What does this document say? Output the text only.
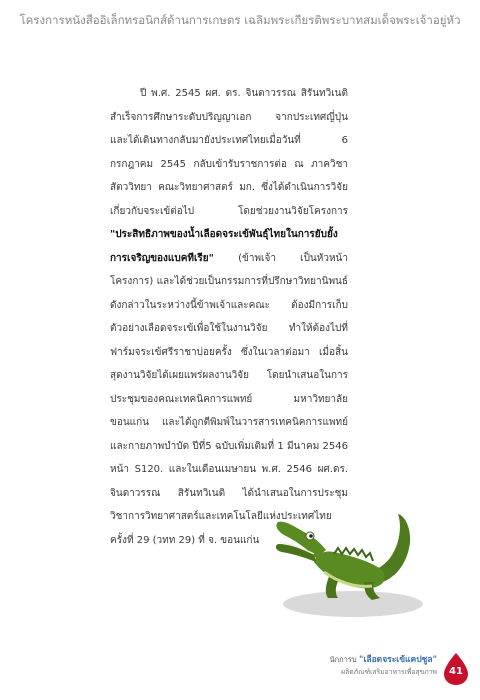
โครงการหนังสืออิเล็กทรอนิกส์ด้านการเกษตร เฉลิมพระเกียรติพระบาทสมเด็จพระเจ้าอยู่หัว

ปี พ.ศ. 2545 ผศ. ดร. จินดาวรรณ สิรันทวิเนติ สำเร็จการศึกษาระดับปริญญาเอก จากประเทศญี่ปุ่น และได้เดินทางกลับมายังประเทศไทยเมื่อวันที่ 6 กรกฎาคม 2545 กลับเข้ารับราชการต่อ ณ ภาควิชาสัตววิทยา คณะวิทยาศาสตร์ มก. ซึ่งได้ดำเนินการวิจัยเกี่ยวกับจระเข้ต่อไป โดยช่วยงานวิจัยโครงการ "ประสิทธิภาพของน้ำเลือดจระเข้พันธุ์ไทยในการยับยั้งการเจริญของแบคทีเรีย" (ข้าพเจ้า เป็นหัวหน้าโครงการ) และได้ช่วยเป็นกรรมการที่ปรึกษาวิทยานิพนธ์ดังกล่าวในระหว่างนี้ข้าพเจ้าและคณะ ต้องมีการเก็บตัวอย่างเลือดจระเข้เพื่อใช้ในงานวิจัย ทำให้ต้องไปที่ฟาร์มจระเข้ศรีราชาบ่อยครั้ง ซึ่งในเวลาต่อมา เมื่อสิ้นสุดงานวิจัยได้เผยแพร่ผลงานวิจัย โดยนำเสนอในการประชุมของคณะเทคนิคการแพทย์ มหาวิทยาลัยขอนแก่น และได้ถูกตีพิมพ์ในวารสารเทคนิคการแพทย์และกายภาพบำบัด ปีที่5 ฉบับเพิ่มเติมที่ 1 มีนาคม 2546 หน้า S120. และในเดือนเมษายน พ.ศ. 2546 ผศ.ดร. จินดาวรรณ สิรันทวิเนติ ได้นำเสนอในการประชุมวิชาการวิทยาศาสตร์และเทคโนโลยีแห่งประเทศไทย ครั้งที่ 29 (วทท 29) ที่ จ. ขอนแก่น

นักการบ "เลือดจระเข้แคปซูล"
ผลิตภัณฑ์เสริมอาหารเพื่อสุขภาพ	41
